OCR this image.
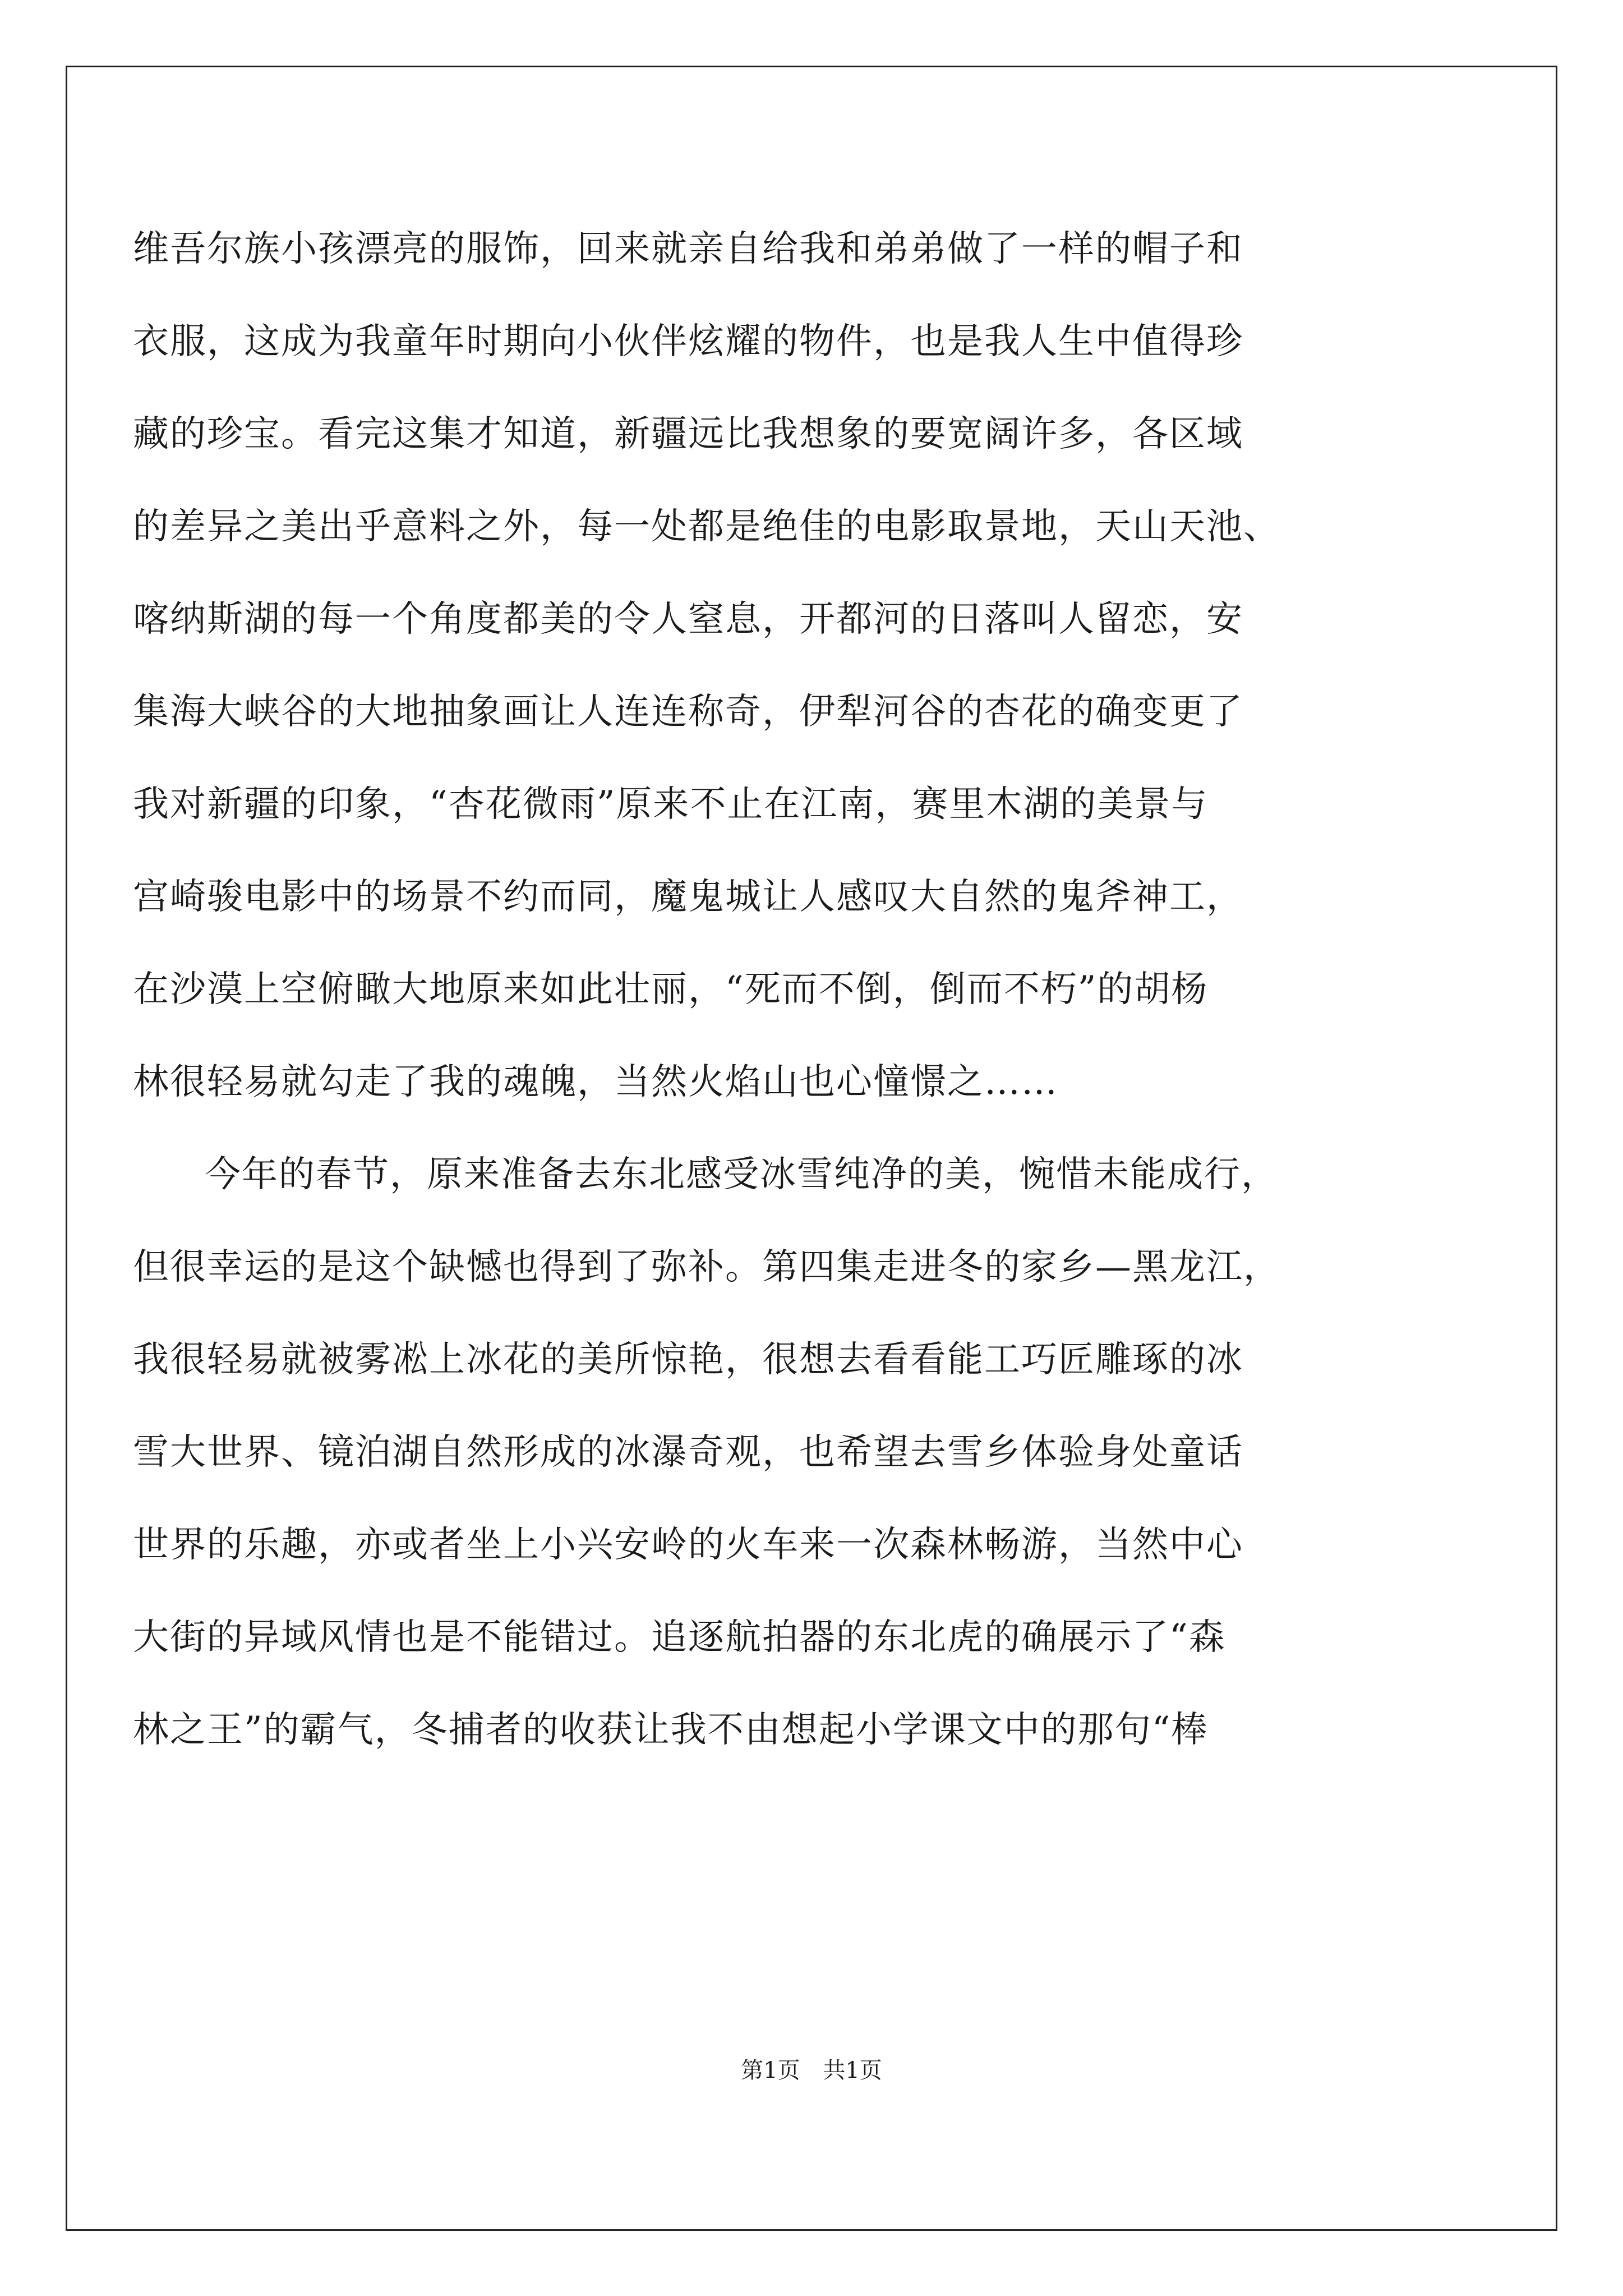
维吾尔族小孩漂亮的服饰，回来就亲自给我和弟弟做了一样的帽子和
衣服，这成为我童年时期向小伙伴炫耀的物件，也是我人生中值得珍
藏的珍宝。看完这集才知道，新疆远比我想象的要宽阔许多，各区域
的差异之美出乎意料之外，每一处都是绝佳的电影取景地，天山天池、
喀纳斯湖的每一个角度都美的令人窒息，开都河的日落叫人留恋，安
集海大峡谷的大地抽象画让人连连称奇，伊犁河谷的杏花的确变更了
我对新疆的印象，“杏花微雨”原来不止在江南，赛里木湖的美景与
宫崎骏电影中的场景不约而同，魔鬼城让人感叹大自然的鬼斧神工，
在沙漠上空俯瞰大地原来如此壮丽，“死而不倒，倒而不朽”的胡杨
林很轻易就勾走了我的魂魄，当然火焰山也心憧憬之……
今年的春节，原来准备去东北感受冰雪纯净的美，惋惜未能成行，
但很幸运的是这个缺憾也得到了弥补。第四集走进冬的家乡—黑龙江，
我很轻易就被雾凇上冰花的美所惊艳，很想去看看能工巧匠雕琢的冰
雪大世界、镜泊湖自然形成的冰瀑奇观，也希望去雪乡体验身处童话
世界的乐趣，亦或者坐上小兴安岭的火车来一次森林畅游，当然中心
大街的异域风情也是不能错过。追逐航拍器的东北虎的确展示了“森
林之王”的霸气，冬捕者的收获让我不由想起小学课文中的那句“棒
第1页 共1页
